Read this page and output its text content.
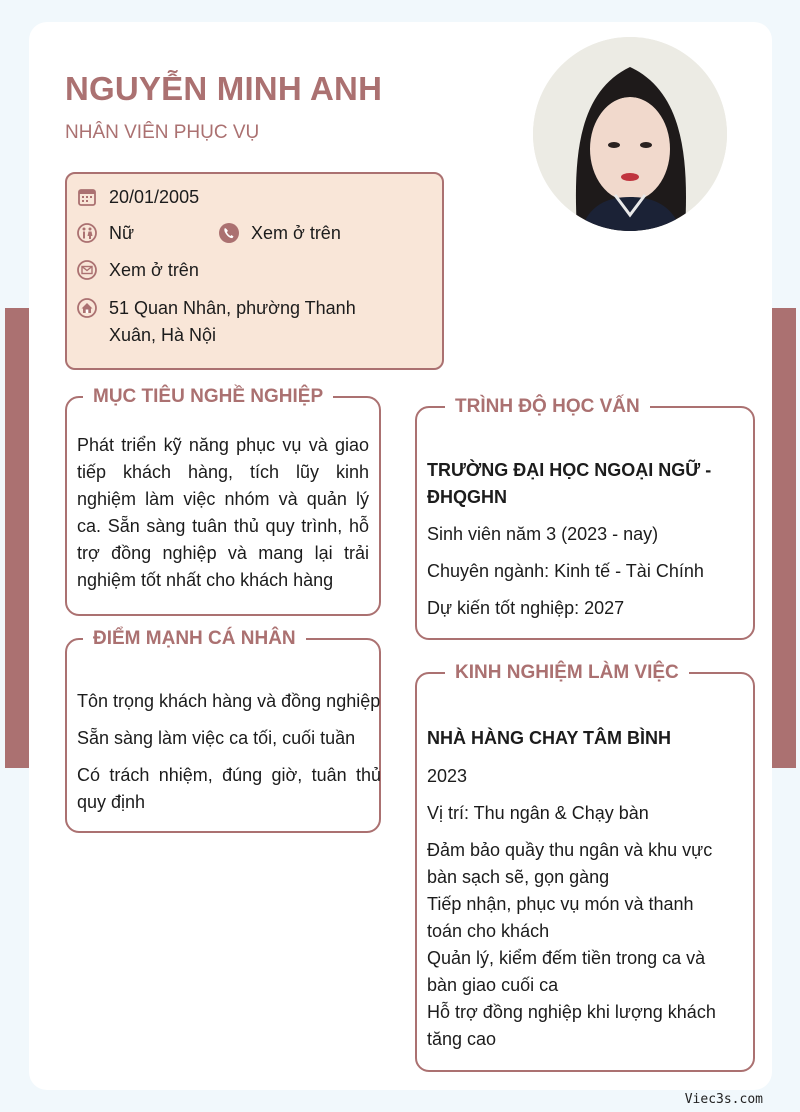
NGUYỄN MINH ANH
NHÂN VIÊN PHỤC VỤ
20/01/2005
Nữ	Xem ở trên
Xem ở trên
51 Quan Nhân, phường Thanh Xuân, Hà Nội
MỤC TIÊU NGHỀ NGHIỆP
Phát triển kỹ năng phục vụ và giao tiếp khách hàng, tích lũy kinh nghiệm làm việc nhóm và quản lý ca. Sẵn sàng tuân thủ quy trình, hỗ trợ đồng nghiệp và mang lại trải nghiệm tốt nhất cho khách hàng
ĐIỂM MẠNH CÁ NHÂN
Tôn trọng khách hàng và đồng nghiệp
Sẵn sàng làm việc ca tối, cuối tuần
Có trách nhiệm, đúng giờ, tuân thủ quy định
TRÌNH ĐỘ HỌC VẤN
TRƯỜNG ĐẠI HỌC NGOẠI NGỮ - ĐHQGHN
Sinh viên năm 3 (2023 - nay)
Chuyên ngành: Kinh tế - Tài Chính
Dự kiến tốt nghiệp: 2027
KINH NGHIỆM LÀM VIỆC
NHÀ HÀNG CHAY TÂM BÌNH
2023
Vị trí: Thu ngân & Chạy bàn
Đảm bảo quầy thu ngân và khu vực bàn sạch sẽ, gọn gàng
Tiếp nhận, phục vụ món và thanh toán cho khách
Quản lý, kiểm đếm tiền trong ca và bàn giao cuối ca
Hỗ trợ đồng nghiệp khi lượng khách tăng cao
Viec3s.com
